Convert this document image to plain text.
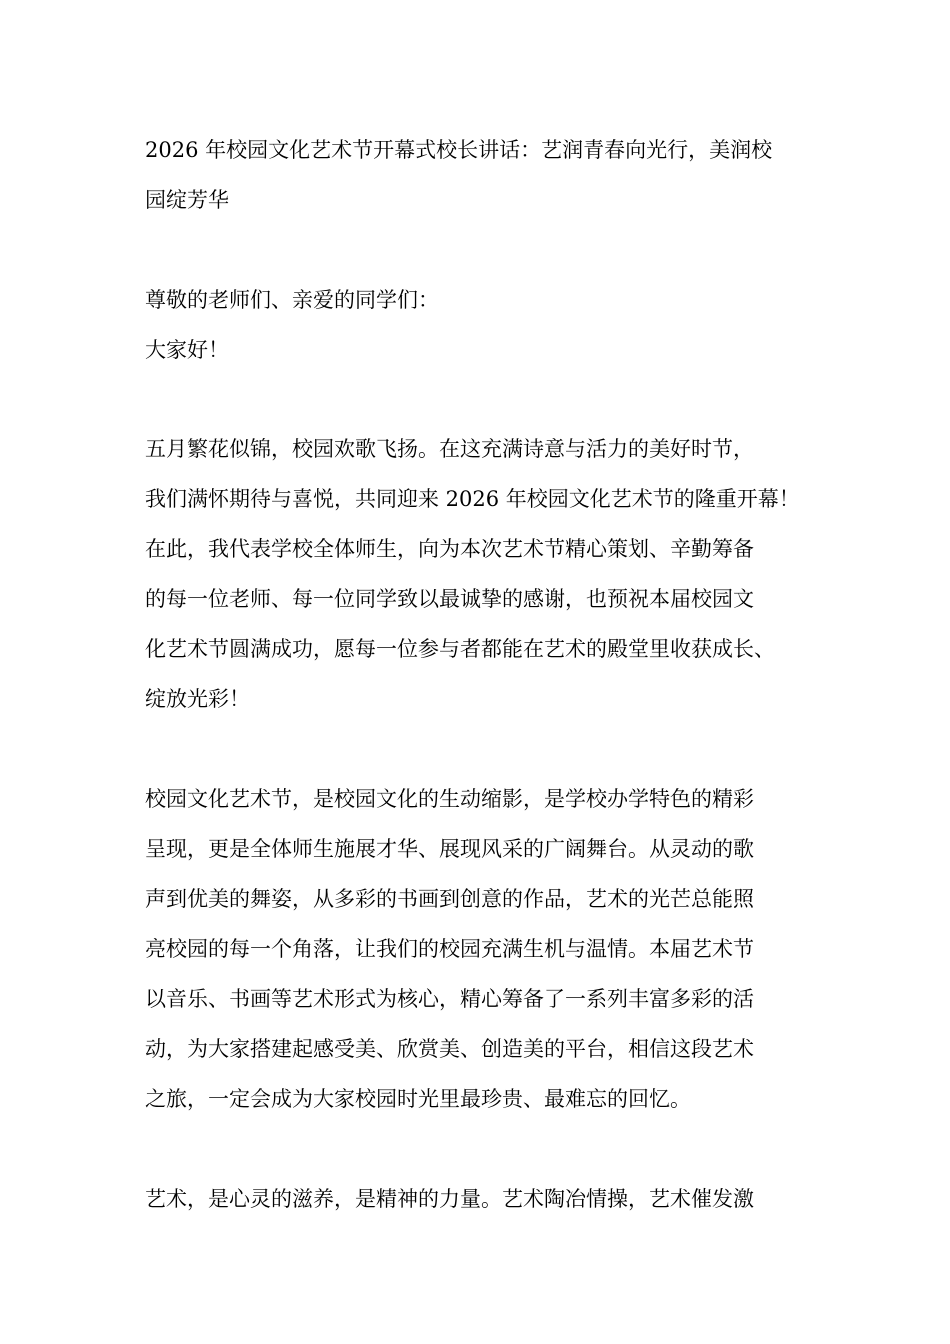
2026 年校园文化艺术节开幕式校长讲话：艺润青春向光行，美润校
园绽芳华
尊敬的老师们、亲爱的同学们：
大家好！
五月繁花似锦，校园欢歌飞扬。在这充满诗意与活力的美好时节，
我们满怀期待与喜悦，共同迎来 2026 年校园文化艺术节的隆重开幕！
在此，我代表学校全体师生，向为本次艺术节精心策划、辛勤筹备
的每一位老师、每一位同学致以最诚挚的感谢，也预祝本届校园文
化艺术节圆满成功，愿每一位参与者都能在艺术的殿堂里收获成长、
绽放光彩！
校园文化艺术节，是校园文化的生动缩影，是学校办学特色的精彩
呈现，更是全体师生施展才华、展现风采的广阔舞台。从灵动的歌
声到优美的舞姿，从多彩的书画到创意的作品，艺术的光芒总能照
亮校园的每一个角落，让我们的校园充满生机与温情。本届艺术节
以音乐、书画等艺术形式为核心，精心筹备了一系列丰富多彩的活
动，为大家搭建起感受美、欣赏美、创造美的平台，相信这段艺术
之旅，一定会成为大家校园时光里最珍贵、最难忘的回忆。
艺术，是心灵的滋养，是精神的力量。艺术陶冶情操，艺术催发激
